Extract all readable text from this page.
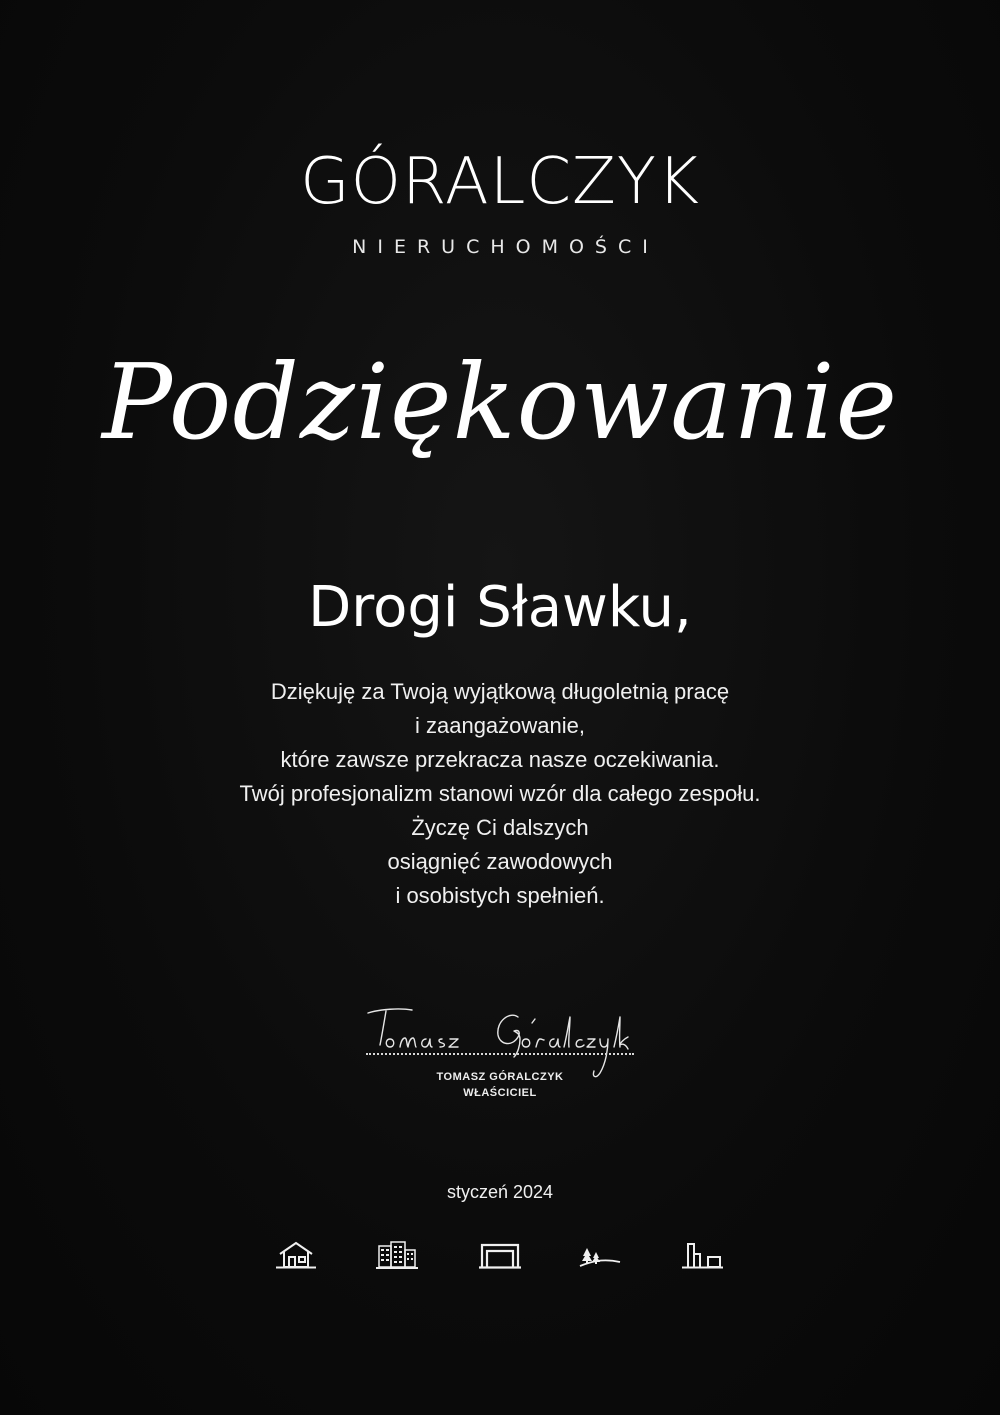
GÓRALCZYK
NIERUCHOMOŚCI
Podziękowanie
Drogi Sławku,
Dziękuję za Twoją wyjątkową długoletnią pracę
i zaangażowanie,
które zawsze przekracza nasze oczekiwania.
Twój profesjonalizm stanowi wzór dla całego zespołu.
Życzę Ci dalszych
osiągnięć zawodowych
i osobistych spełnień.
TOMASZ GÓRALCZYK
WŁAŚCICIEL
styczeń 2024
